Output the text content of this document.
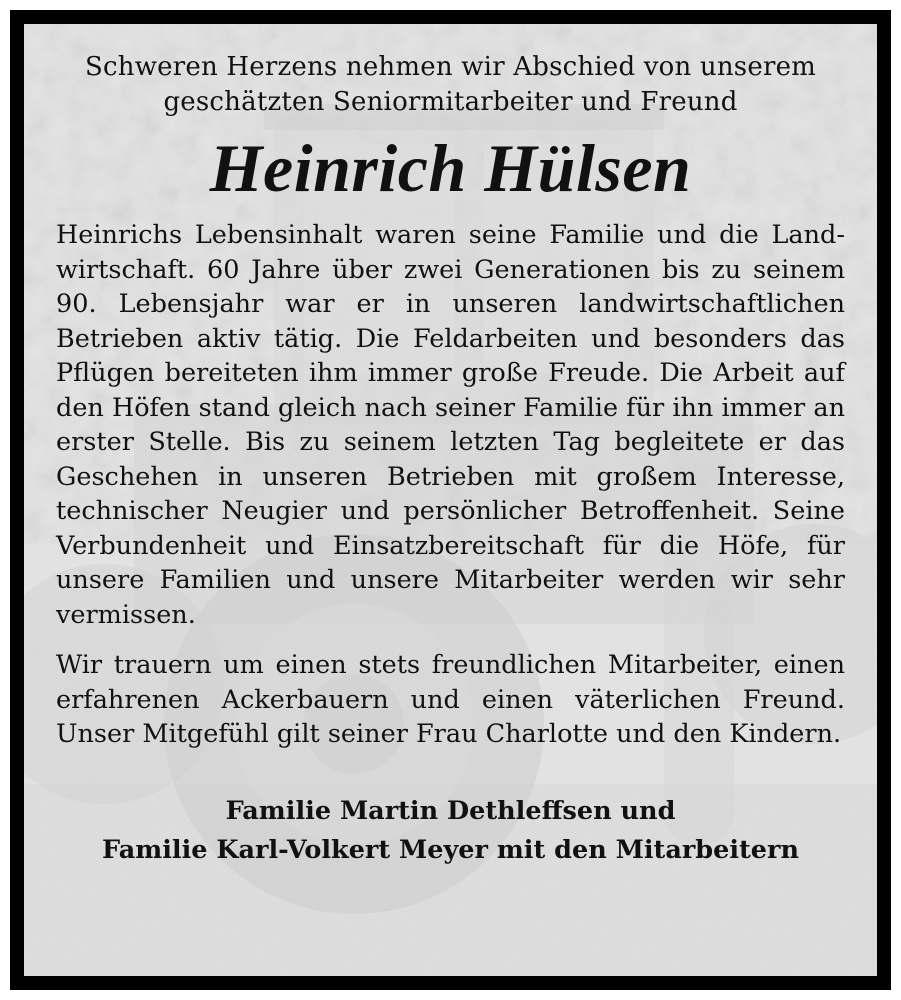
Schweren Herzens nehmen wir Abschied von unserem
geschätzten Seniormitarbeiter und Freund
Heinrich Hülsen

Heinrichs Lebensinhalt waren seine Familie und die Landwirtschaft. 60 Jahre über zwei Generationen bis zu seinem 90. Lebensjahr war er in unseren landwirtschaftlichen Betrieben aktiv tätig. Die Feldarbeiten und besonders das Pflügen bereiteten ihm immer große Freude. Die Arbeit auf den Höfen stand gleich nach seiner Familie für ihn immer an erster Stelle. Bis zu seinem letzten Tag begleitete er das Geschehen in unseren Betrieben mit großem Interesse, technischer Neugier und persönlicher Betroffenheit. Seine Verbundenheit und Einsatzbereitschaft für die Höfe, für unsere Familien und unsere Mitarbeiter werden wir sehr vermissen.

Wir trauern um einen stets freundlichen Mitarbeiter, einen erfahrenen Ackerbauern und einen väterlichen Freund. Unser Mitgefühl gilt seiner Frau Charlotte und den Kindern.

Familie Martin Dethleffsen und
Familie Karl-Volkert Meyer mit den Mitarbeitern
